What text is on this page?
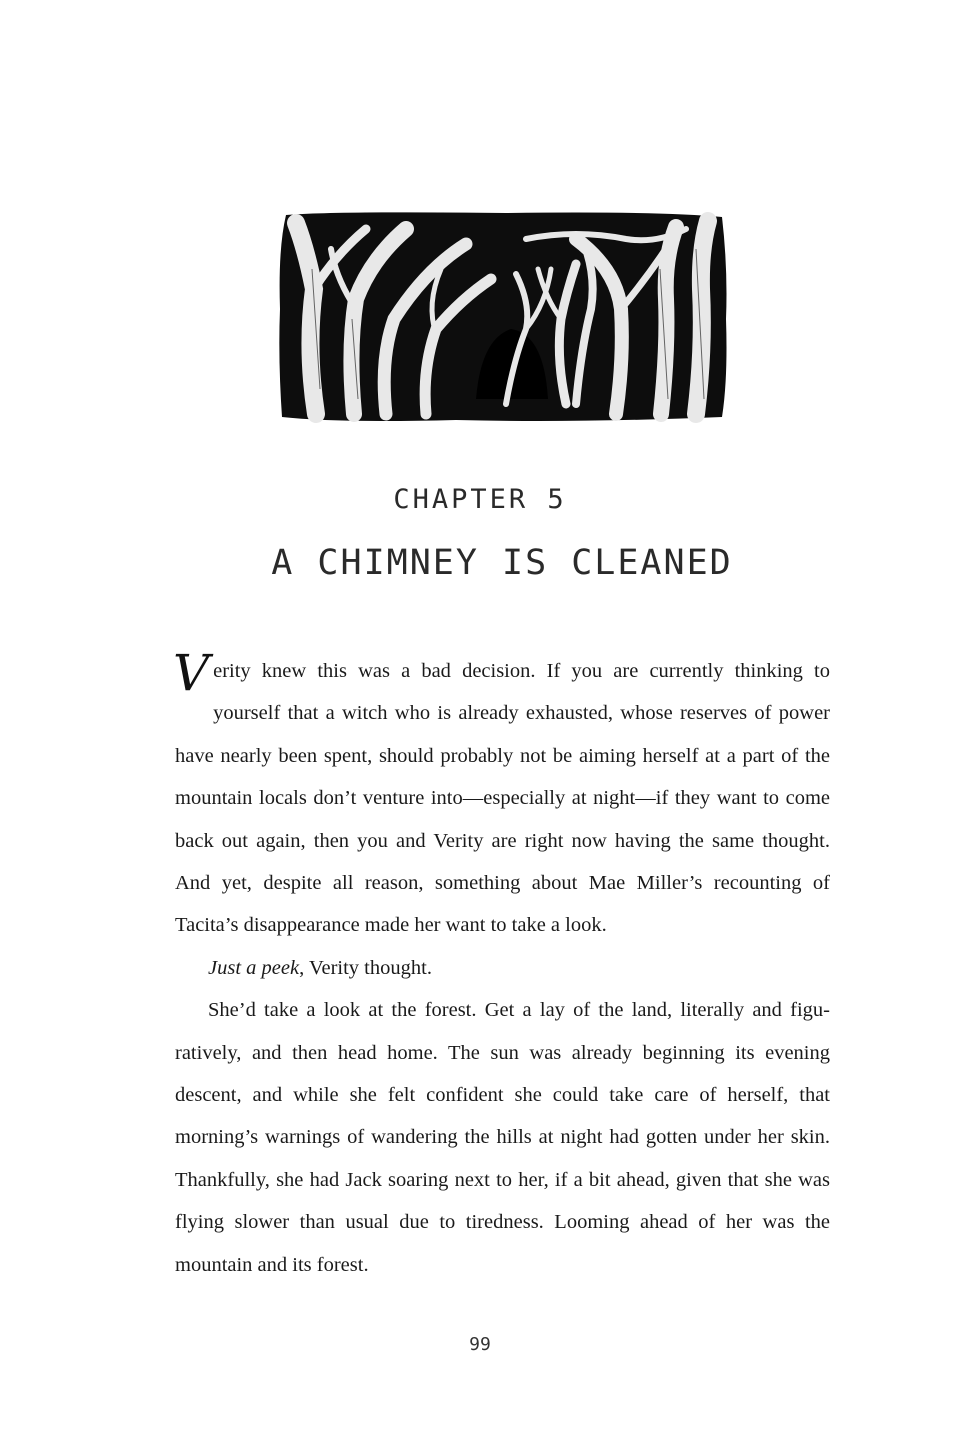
CHAPTER 5
A CHIMNEY IS CLEANED

Verity knew this was a bad decision. If you are currently thinking to yourself that a witch who is already exhausted, whose reserves of power have nearly been spent, should probably not be aiming herself at a part of the mountain locals don’t venture into—especially at night—if they want to come back out again, then you and Verity are right now having the same thought. And yet, despite all reason, something about Mae Miller’s recounting of Tacita’s disappearance made her want to take a look.

Just a peek, Verity thought.

She’d take a look at the forest. Get a lay of the land, literally and figuratively, and then head home. The sun was already beginning its evening descent, and while she felt confident she could take care of herself, that morning’s warnings of wandering the hills at night had gotten under her skin. Thankfully, she had Jack soaring next to her, if a bit ahead, given that she was flying slower than usual due to tiredness. Looming ahead of her was the mountain and its forest.

99
